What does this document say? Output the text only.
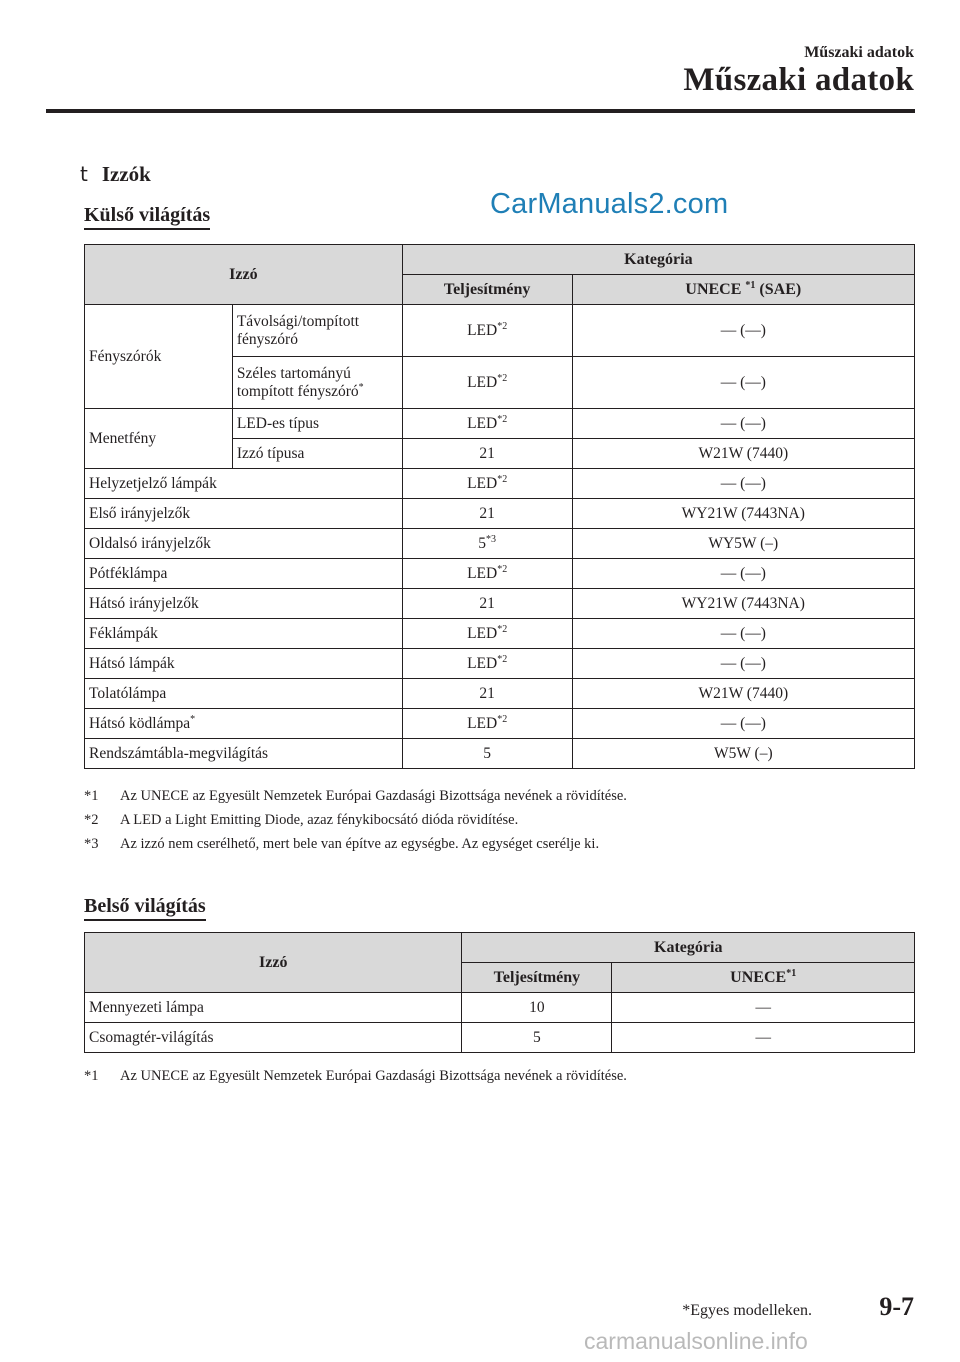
Műszaki adatok
Műszaki adatok
t Izzók
Külső világítás	CarManuals2.com
Izzó		Kategória	
		Teljesítmény	UNECE $^{*1}$ (SAE)
Fényszórók	Távolsági/tompított fényszóró	LED$^{*2}$	— (—)
	Széles tartományú tompított fényszóró*	LED$^{*2}$	— (—)
Menetfény	LED-es típus	LED$^{*2}$	— (—)
	Izzó típusa	21	W21W (7440)
Helyzetjelző lámpák		LED$^{*2}$	— (—)
Első irányjelzők		21	WY21W (7443NA)
Oldalsó irányjelzők		5$^{*3}$	WY5W (–)
Pótféklámpa		LED$^{*2}$	— (—)
Hátsó irányjelzők		21	WY21W (7443NA)
Féklámpák		LED$^{*2}$	— (—)
Hátsó lámpák		LED$^{*2}$	— (—)
Tolatólámpa		21	W21W (7440)
Hátsó ködlámpa*		LED$^{*2}$	— (—)
Rendszámtábla-megvilágítás		5	W5W (–)
*1 Az UNECE az Egyesült Nemzetek Európai Gazdasági Bizottsága nevének a rövidítése.
*2 A LED a Light Emitting Diode, azaz fénykibocsátó dióda rövidítése.
*3 Az izzó nem cserélhető, mert bele van építve az egységbe. Az egységet cserélje ki.
Belső világítás
Izzó	Kategória	
	Teljesítmény	UNECE$^{*1}$
Mennyezeti lámpa	10	—
Csomagtér-világítás	5	—
*1 Az UNECE az Egyesült Nemzetek Európai Gazdasági Bizottsága nevének a rövidítése.
*Egyes modelleken.	9-7
carmanualsonline.info
